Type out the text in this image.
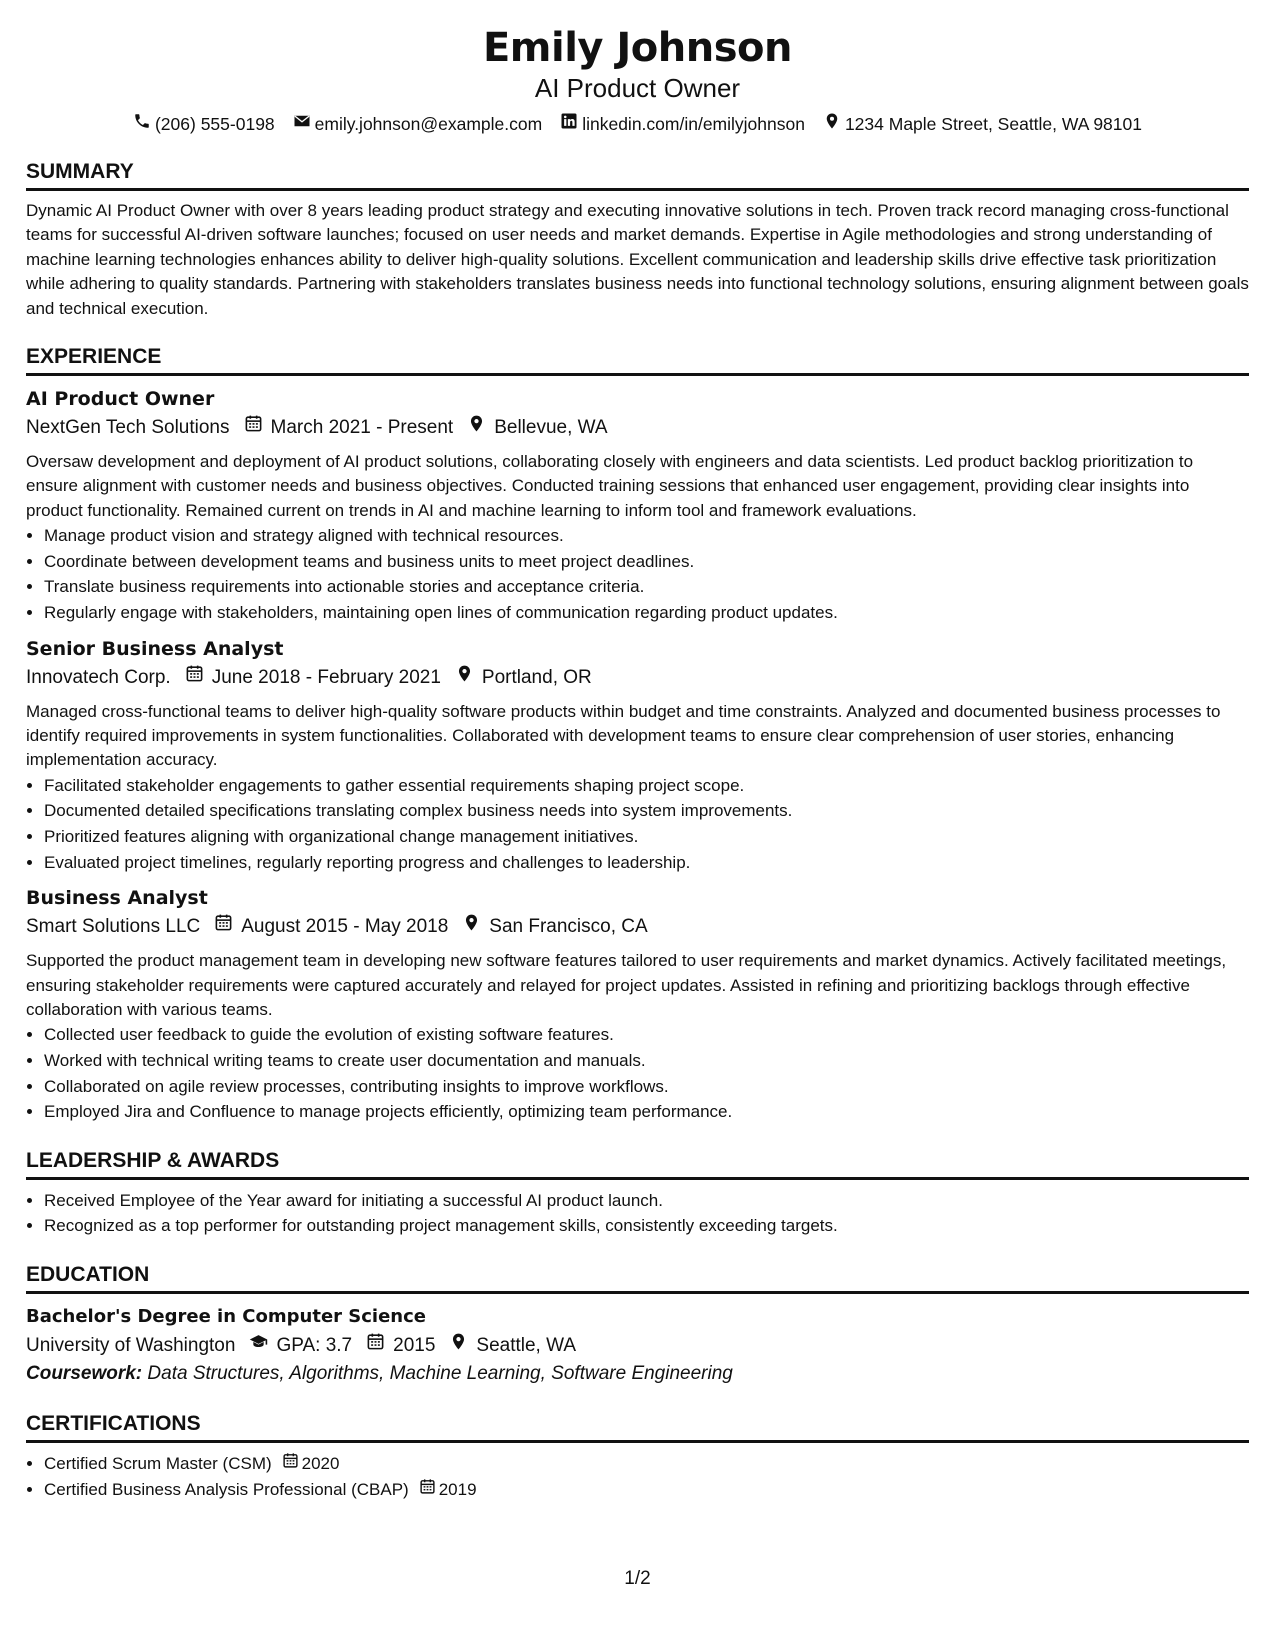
Emily Johnson
AI Product Owner
(206) 555-0198 emily.johnson@example.com linkedin.com/in/emilyjohnson 1234 Maple Street, Seattle, WA 98101
SUMMARY
Dynamic AI Product Owner with over 8 years leading product strategy and executing innovative solutions in tech. Proven track record managing cross-functional teams for successful AI-driven software launches; focused on user needs and market demands. Expertise in Agile methodologies and strong understanding of machine learning technologies enhances ability to deliver high-quality solutions. Excellent communication and leadership skills drive effective task prioritization while adhering to quality standards. Partnering with stakeholders translates business needs into functional technology solutions, ensuring alignment between goals and technical execution.
EXPERIENCE
AI Product Owner
NextGen Tech Solutions March 2021 - Present Bellevue, WA
Oversaw development and deployment of AI product solutions, collaborating closely with engineers and data scientists. Led product backlog prioritization to ensure alignment with customer needs and business objectives. Conducted training sessions that enhanced user engagement, providing clear insights into product functionality. Remained current on trends in AI and machine learning to inform tool and framework evaluations.
• Manage product vision and strategy aligned with technical resources.
• Coordinate between development teams and business units to meet project deadlines.
• Translate business requirements into actionable stories and acceptance criteria.
• Regularly engage with stakeholders, maintaining open lines of communication regarding product updates.
Senior Business Analyst
Innovatech Corp. June 2018 - February 2021 Portland, OR
Managed cross-functional teams to deliver high-quality software products within budget and time constraints. Analyzed and documented business processes to identify required improvements in system functionalities. Collaborated with development teams to ensure clear comprehension of user stories, enhancing implementation accuracy.
• Facilitated stakeholder engagements to gather essential requirements shaping project scope.
• Documented detailed specifications translating complex business needs into system improvements.
• Prioritized features aligning with organizational change management initiatives.
• Evaluated project timelines, regularly reporting progress and challenges to leadership.
Business Analyst
Smart Solutions LLC August 2015 - May 2018 San Francisco, CA
Supported the product management team in developing new software features tailored to user requirements and market dynamics. Actively facilitated meetings, ensuring stakeholder requirements were captured accurately and relayed for project updates. Assisted in refining and prioritizing backlogs through effective collaboration with various teams.
• Collected user feedback to guide the evolution of existing software features.
• Worked with technical writing teams to create user documentation and manuals.
• Collaborated on agile review processes, contributing insights to improve workflows.
• Employed Jira and Confluence to manage projects efficiently, optimizing team performance.
LEADERSHIP & AWARDS
• Received Employee of the Year award for initiating a successful AI product launch.
• Recognized as a top performer for outstanding project management skills, consistently exceeding targets.
EDUCATION
Bachelor's Degree in Computer Science
University of Washington GPA: 3.7 2015 Seattle, WA
Coursework: Data Structures, Algorithms, Machine Learning, Software Engineering
CERTIFICATIONS
• Certified Scrum Master (CSM) 2020
• Certified Business Analysis Professional (CBAP) 2019
1/2
